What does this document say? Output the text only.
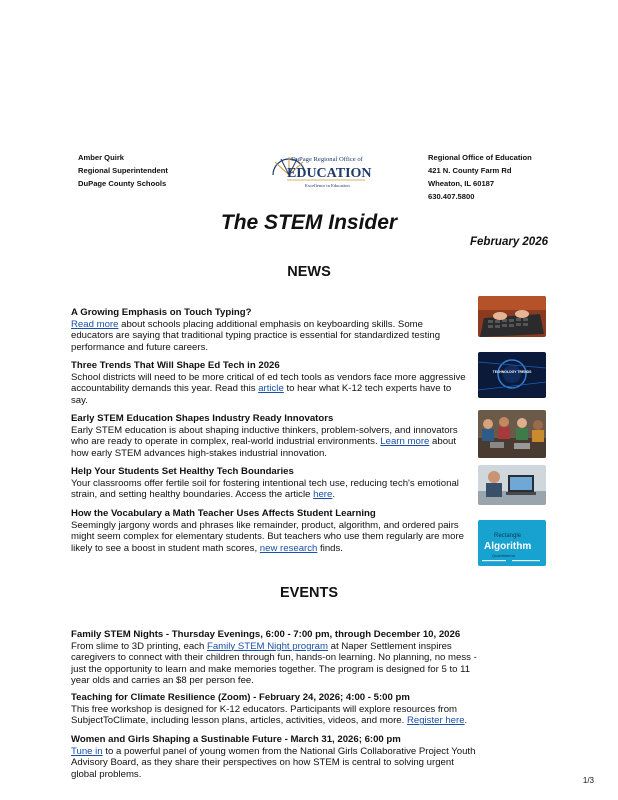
Amber Quirk
Regional Superintendent
DuPage County Schools
DuPage Regional Office of
EDUCATION
Excellence in Education
Regional Office of Education
421 N. County Farm Rd
Wheaton, IL 60187
630.407.5800
The STEM Insider
February 2026
NEWS
A Growing Emphasis on Touch Typing?
Read more about schools placing additional emphasis on keyboarding skills. Some educators are saying that traditional typing practice is essential for standardized testing performance and future careers.
Three Trends That Will Shape Ed Tech in 2026
School districts will need to be more critical of ed tech tools as vendors face more aggressive accountability demands this year. Read this article to hear what K-12 tech experts have to say.
TECHNOLOGY TRENDS
Early STEM Education Shapes Industry Ready Innovators
Early STEM education is about shaping inductive thinkers, problem-solvers, and innovators who are ready to operate in complex, real-world industrial environments. Learn more about how early STEM advances high-stakes industrial innovation.
Help Your Students Set Healthy Tech Boundaries
Your classrooms offer fertile soil for fostering intentional tech use, reducing tech's emotional strain, and setting healthy boundaries. Access the article here.
How the Vocabulary a Math Teacher Uses Affects Student Learning
Seemingly jargony words and phrases like remainder, product, algorithm, and ordered pairs might seem complex for elementary students. But teachers who use them regularly are more likely to see a boost in student math scores, new research finds.
Rectangle
Algorithm
Quadrilateral
EVENTS
Family STEM Nights - Thursday Evenings, 6:00 - 7:00 pm, through December 10, 2026
From slime to 3D printing, each Family STEM Night program at Naper Settlement inspires caregivers to connect with their children through fun, hands-on learning. No planning, no mess - just the opportunity to learn and make memories together. The program is designed for 5 to 11 year olds and carries an $8 per person fee.
Teaching for Climate Resilience (Zoom) - February 24, 2026; 4:00 - 5:00 pm
This free workshop is designed for K-12 educators. Participants will explore resources from SubjectToClimate, including lesson plans, articles, activities, videos, and more. Register here.
Women and Girls Shaping a Sustinable Future - March 31, 2026; 6:00 pm
Tune in to a powerful panel of young women from the National Girls Collaborative Project Youth Advisory Board, as they share their perspectives on how STEM is central to solving urgent global problems.
1/3
